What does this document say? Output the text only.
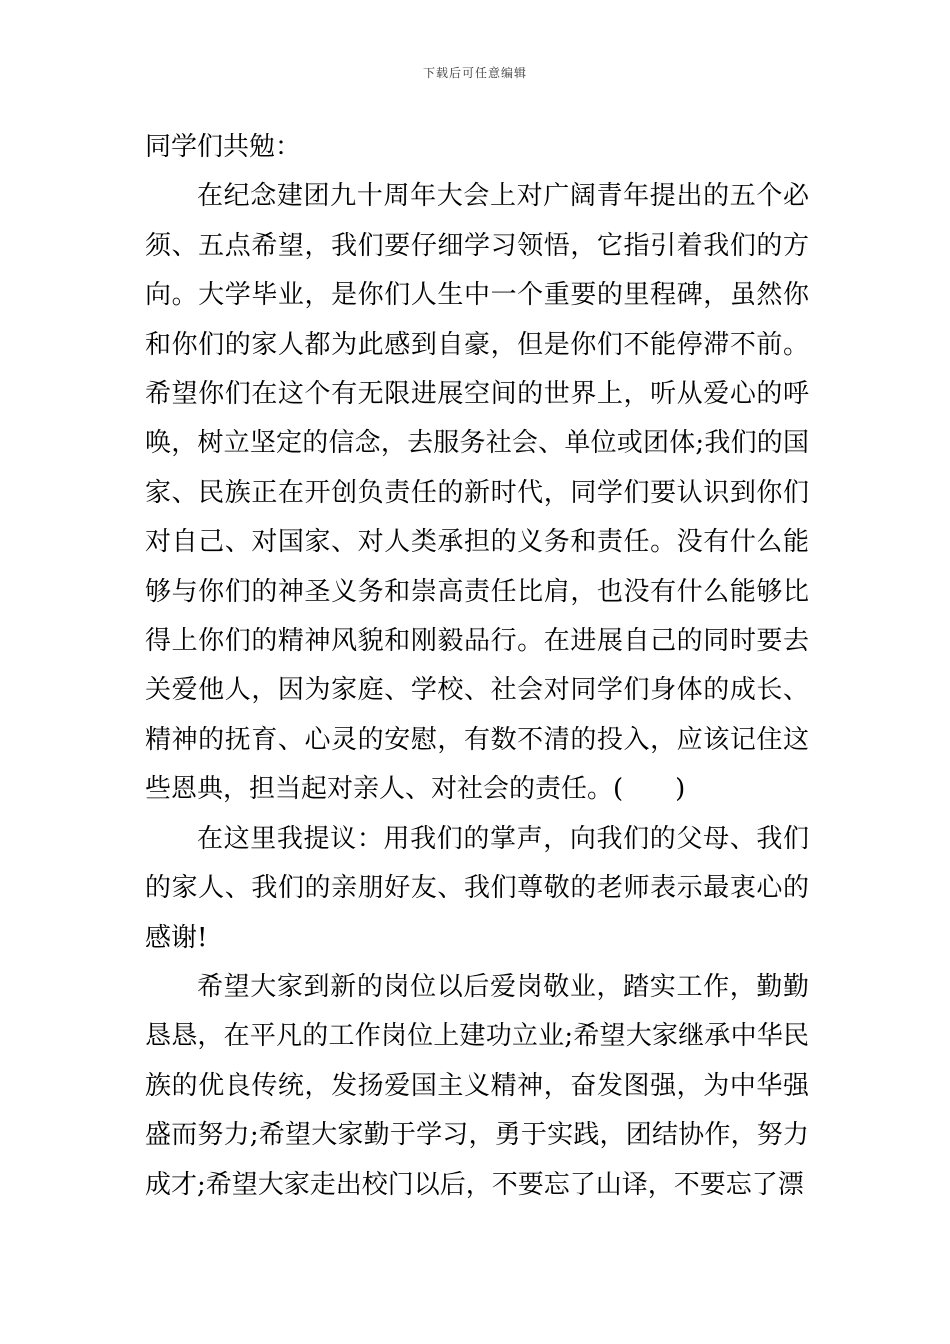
下载后可任意编辑

同学们共勉：

在纪念建团九十周年大会上对广阔青年提出的五个必须、五点希望，我们要仔细学习领悟，它指引着我们的方向。大学毕业，是你们人生中一个重要的里程碑，虽然你和你们的家人都为此感到自豪，但是你们不能停滞不前。希望你们在这个有无限进展空间的世界上，听从爱心的呼唤，树立坚定的信念，去服务社会、单位或团体;我们的国家、民族正在开创负责任的新时代，同学们要认识到你们对自己、对国家、对人类承担的义务和责任。没有什么能够与你们的神圣义务和崇高责任比肩，也没有什么能够比得上你们的精神风貌和刚毅品行。在进展自己的同时要去关爱他人，因为家庭、学校、社会对同学们身体的成长、精神的抚育、心灵的安慰，有数不清的投入，应该记住这些恩典，担当起对亲人、对社会的责任。(　　)

在这里我提议：用我们的掌声，向我们的父母、我们的家人、我们的亲朋好友、我们尊敬的老师表示最衷心的感谢!

希望大家到新的岗位以后爱岗敬业，踏实工作，勤勤恳恳，在平凡的工作岗位上建功立业;希望大家继承中华民族的优良传统，发扬爱国主义精神，奋发图强，为中华强盛而努力;希望大家勤于学习，勇于实践，团结协作，努力成才;希望大家走出校门以后，不要忘了山译，不要忘了漂
